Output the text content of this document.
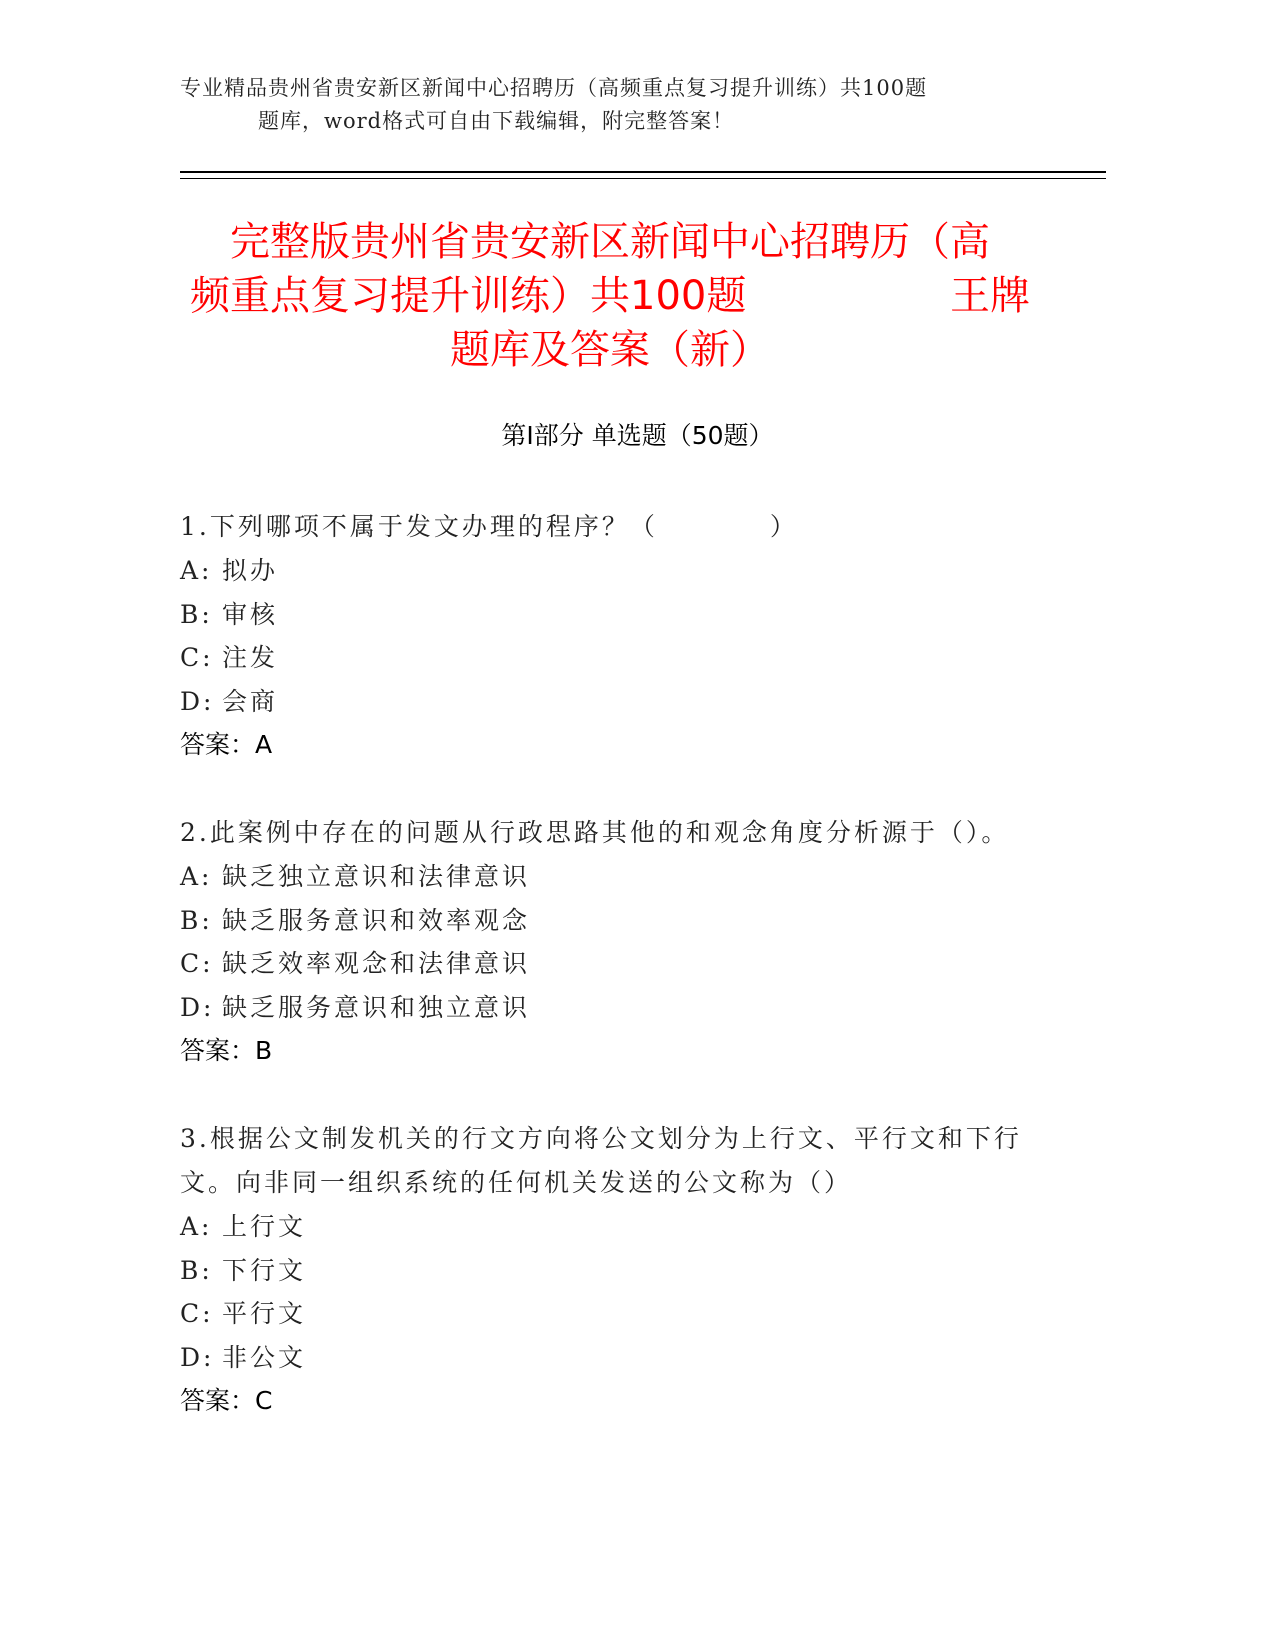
专业精品贵州省贵安新区新闻中心招聘历（高频重点复习提升训练）共100题
题库，word格式可自由下载编辑，附完整答案！
完整版贵州省贵安新区新闻中心招聘历（高
频重点复习提升训练）共100题	王牌
题库及答案（新）
第I部分 单选题（50题）
1.下列哪项不属于发文办理的程序？（　　　　）
A: 拟办
B: 审核
C: 注发
D: 会商
答案：A
2.此案例中存在的问题从行政思路其他的和观念角度分析源于（）。
A: 缺乏独立意识和法律意识
B: 缺乏服务意识和效率观念
C: 缺乏效率观念和法律意识
D: 缺乏服务意识和独立意识
答案：B
3.根据公文制发机关的行文方向将公文划分为上行文、平行文和下行文。向非同一组织系统的任何机关发送的公文称为（）
A: 上行文
B: 下行文
C: 平行文
D: 非公文
答案：C
